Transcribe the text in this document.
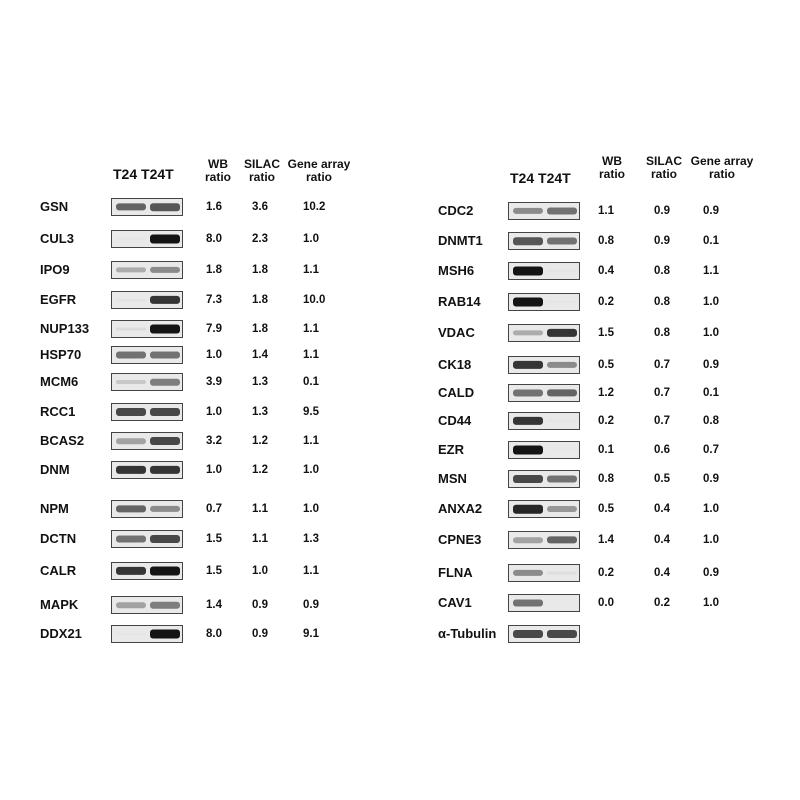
T24 T24T
WB
ratio
SILAC
ratio
Gene array
ratio
GSN	1.6	3.6	10.2
CUL3	8.0	2.3	1.0
IPO9	1.8	1.8	1.1
EGFR	7.3	1.8	10.0
NUP133	7.9	1.8	1.1
HSP70	1.0	1.4	1.1
MCM6	3.9	1.3	0.1
RCC1	1.0	1.3	9.5
BCAS2	3.2	1.2	1.1
DNM	1.0	1.2	1.0
NPM	0.7	1.1	1.0
DCTN	1.5	1.1	1.3
CALR	1.5	1.0	1.1
MAPK	1.4	0.9	0.9
DDX21	8.0	0.9	9.1
T24 T24T
WB
ratio
SILAC
ratio
Gene array
ratio
CDC2	1.1	0.9	0.9
DNMT1	0.8	0.9	0.1
MSH6	0.4	0.8	1.1
RAB14	0.2	0.8	1.0
VDAC	1.5	0.8	1.0
CK18	0.5	0.7	0.9
CALD	1.2	0.7	0.1
CD44	0.2	0.7	0.8
EZR	0.1	0.6	0.7
MSN	0.8	0.5	0.9
ANXA2	0.5	0.4	1.0
CPNE3	1.4	0.4	1.0
FLNA	0.2	0.4	0.9
CAV1	0.0	0.2	1.0
α-Tubulin
